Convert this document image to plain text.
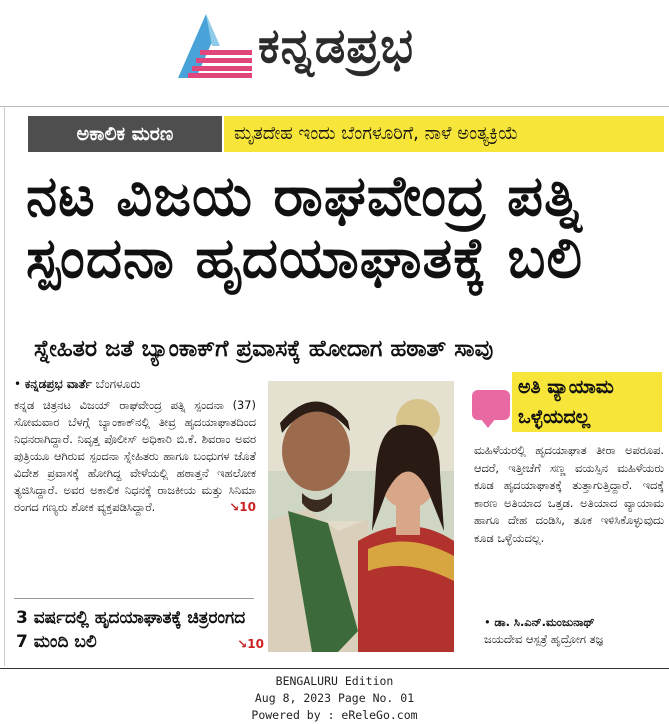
ಕನ್ನಡಪ್ರಭ
ಅಕಾಲಿಕ ಮರಣ	ಮೃತದೇಹ ಇಂದು ಬೆಂಗಳೂರಿಗೆ, ನಾಳೆ ಅಂತ್ಯಕ್ರಿಯೆ
ನಟ ವಿಜಯ ರಾಘವೇಂದ್ರ ಪತ್ನಿ
ಸ್ಪಂದನಾ ಹೃದಯಾಘಾತಕ್ಕೆ ಬಲಿ
ಸ್ನೇಹಿತರ ಜತೆ ಬ್ಯಾಂಕಾಕ್‌ಗೆ ಪ್ರವಾಸಕ್ಕೆ ಹೋದಾಗ ಹಠಾತ್ ಸಾವು
• ಕನ್ನಡಪ್ರಭ ವಾರ್ತೆ ಬೆಂಗಳೂರು
ಕನ್ನಡ ಚಿತ್ರನಟ ವಿಜಯ್ ರಾಘವೇಂದ್ರ ಪತ್ನಿ ಸ್ಪಂದನಾ (37) ಸೋಮವಾರ ಬೆಳಗ್ಗೆ ಬ್ಯಾಂಕಾಕ್‌ನಲ್ಲಿ ತೀವ್ರ ಹೃದಯಾಘಾತದಿಂದ ನಿಧನರಾಗಿದ್ದಾರೆ. ನಿವೃತ್ತ ಪೊಲೀಸ್ ಅಧಿಕಾರಿ ಬಿ.ಕೆ. ಶಿವರಾಂ ಅವರ ಪುತ್ರಿಯೂ ಆಗಿರುವ ಸ್ಪಂದನಾ ಸ್ನೇಹಿತರು ಹಾಗೂ ಬಂಧುಗಳ ಜೊತೆ ವಿದೇಶ ಪ್ರವಾಸಕ್ಕೆ ಹೋಗಿದ್ದ ವೇಳೆಯಲ್ಲಿ ಹಠಾತ್ತನೆ ಇಹಲೋಕ ತ್ಯಜಿಸಿದ್ದಾರೆ. ಅವರ ಅಕಾಲಿಕ ನಿಧನಕ್ಕೆ ರಾಜಕೀಯ ಮತ್ತು ಸಿನಿಮಾ ರಂಗದ ಗಣ್ಯರು ಶೋಕ ವ್ಯಕ್ತಪಡಿಸಿದ್ದಾರೆ.	↘10
3 ವರ್ಷದಲ್ಲಿ ಹೃದಯಾಘಾತಕ್ಕೆ ಚಿತ್ರರಂಗದ 7 ಮಂದಿ ಬಲಿ	↘10
ಅತಿ ವ್ಯಾಯಾಮ ಒಳ್ಳೆಯದಲ್ಲ
ಮಹಿಳೆಯರಲ್ಲಿ ಹೃದಯಾಘಾತ ತೀರಾ ಅಪರೂಪ. ಆದರೆ, ಇತ್ತೀಚೆಗೆ ಸಣ್ಣ ವಯಸ್ಸಿನ ಮಹಿಳೆಯರು ಕೂಡ ಹೃದಯಾಘಾತಕ್ಕೆ ತುತ್ತಾಗುತ್ತಿದ್ದಾರೆ. ಇದಕ್ಕೆ ಕಾರಣ ಅತಿಯಾದ ಒತ್ತಡ. ಅತಿಯಾದ ವ್ಯಾಯಾಮ ಹಾಗೂ ದೇಹ ದಂಡಿಸಿ, ತೂಕ ಇಳಿಸಿಕೊಳ್ಳುವುದು ಕೂಡ ಒಳ್ಳೆಯದಲ್ಲ.
• ಡಾ. ಸಿ.ಎನ್.ಮಂಜುನಾಥ್
ಜಯದೇವ ಆಸ್ಪತ್ರೆ ಹೃದ್ರೋಗ ತಜ್ಞ
BENGALURU Edition
Aug 8, 2023 Page No. 01
Powered by : eReleGo.com
